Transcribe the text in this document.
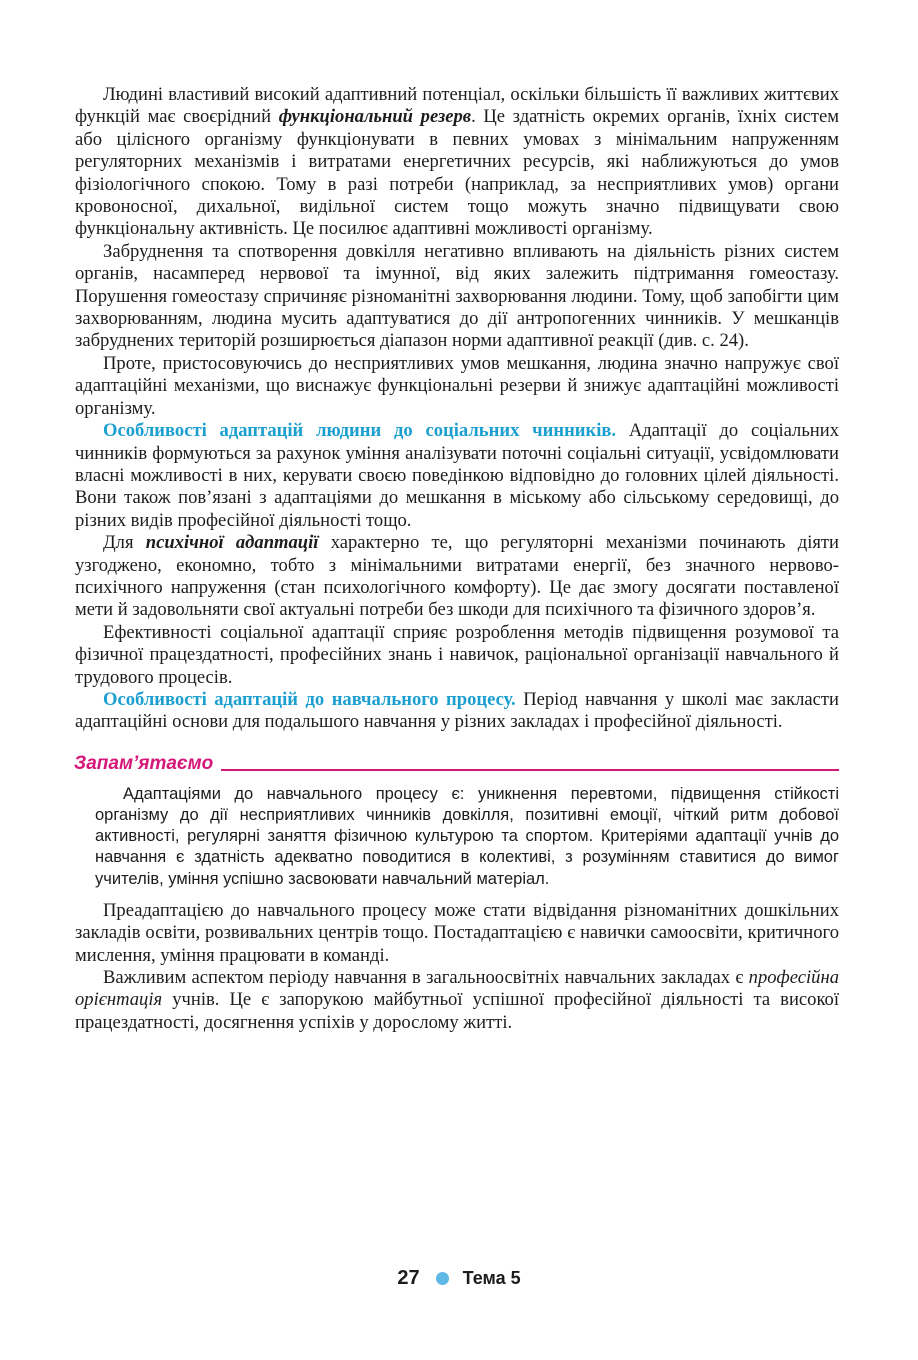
Людині властивий високий адаптивний потенціал, оскільки більшість її важливих життєвих функцій має своєрідний функціональний резерв. Це здатність окремих органів, їхніх систем або цілісного організму функціонувати в певних умовах з мінімальним напруженням регуляторних механізмів і витратами енергетичних ресурсів, які наближуються до умов фізіологічного спокою. Тому в разі потреби (наприклад, за несприятливих умов) органи кровоносної, дихальної, видільної систем тощо можуть значно підвищувати свою функціональну активність. Це посилює адаптивні можливості організму.

Забруднення та спотворення довкілля негативно впливають на діяльність різних систем органів, насамперед нервової та імунної, від яких залежить підтримання гомеостазу. Порушення гомеостазу спричиняє різноманітні захворювання людини. Тому, щоб запобігти цим захворюванням, людина мусить адаптуватися до дії антропогенних чинників. У мешканців забруднених територій розширюється діапазон норми адаптивної реакції (див. с. 24).

Проте, пристосовуючись до несприятливих умов мешкання, людина значно напружує свої адаптаційні механізми, що виснажує функціональні резерви й знижує адаптаційні можливості організму.

Особливості адаптацій людини до соціальних чинників. Адаптації до соціальних чинників формуються за рахунок уміння аналізувати поточні соціальні ситуації, усвідомлювати власні можливості в них, керувати своєю поведінкою відповідно до головних цілей діяльності. Вони також пов’язані з адаптаціями до мешкання в міському або сільському середовищі, до різних видів професійної діяльності тощо.

Для психічної адаптації характерно те, що регуляторні механізми починають діяти узгоджено, економно, тобто з мінімальними витратами енергії, без значного нервово-психічного напруження (стан психологічного комфорту). Це дає змогу досягати поставленої мети й задовольняти свої актуальні потреби без шкоди для психічного та фізичного здоров’я.

Ефективності соціальної адаптації сприяє розроблення методів підвищення розумової та фізичної працездатності, професійних знань і навичок, раціональної організації навчального й трудового процесів.

Особливості адаптацій до навчального процесу. Період навчання у школі має закласти адаптаційні основи для подальшого навчання у різних закладах і професійної діяльності.

Запам’ятаємо

Адаптаціями до навчального процесу є: уникнення перевтоми, підвищення стійкості організму до дії несприятливих чинників довкілля, позитивні емоції, чіткий ритм добової активності, регулярні заняття фізичною культурою та спортом. Критеріями адаптації учнів до навчання є здатність адекватно поводитися в колективі, з розумінням ставитися до вимог учителів, уміння успішно засвоювати навчальний матеріал.

Преадаптацією до навчального процесу може стати відвідання різноманітних дошкільних закладів освіти, розвивальних центрів тощо. Постадаптацією є навички самоосвіти, критичного мислення, уміння працювати в команді.

Важливим аспектом періоду навчання в загальноосвітніх навчальних закладах є професійна орієнтація учнів. Це є запорукою майбутньої успішної професійної діяльності та високої працездатності, досягнення успіхів у дорослому житті.

27 Тема 5
